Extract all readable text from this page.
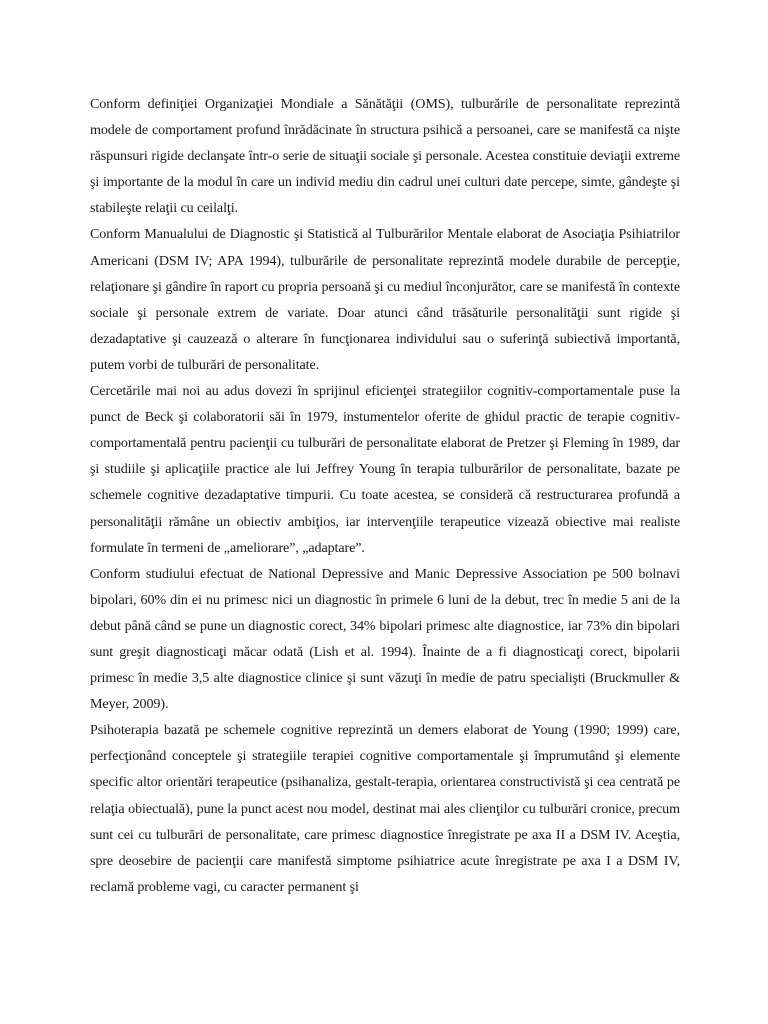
Conform definiţiei Organizaţiei Mondiale a Sănătăţii (OMS), tulburările de personalitate reprezintă modele de comportament profund înrădăcinate în structura psihică a persoanei, care se manifestă ca nişte răspunsuri rigide declanşate într-o serie de situaţii sociale şi personale. Acestea constituie deviaţii extreme şi importante de la modul în care un individ mediu din cadrul unei culturi date percepe, simte, gândeşte şi stabileşte relaţii cu ceilalţi.

Conform Manualului de Diagnostic şi Statistică al Tulburărilor Mentale elaborat de Asociaţia Psihiatrilor Americani (DSM IV; APA 1994), tulburările de personalitate reprezintă modele durabile de percepţie, relaţionare şi gândire în raport cu propria persoană şi cu mediul înconjurător, care se manifestă în contexte sociale şi personale extrem de variate. Doar atunci când trăsăturile personalităţii sunt rigide şi dezadaptative şi cauzează o alterare în funcţionarea individului sau o suferinţă subiectivă importantă, putem vorbi de tulburări de personalitate.

Cercetările mai noi au adus dovezi în sprijinul eficienţei strategiilor cognitiv-comportamentale puse la punct de Beck şi colaboratorii săi în 1979, instumentelor oferite de ghidul practic de terapie cognitiv-comportamentală pentru pacienţii cu tulburări de personalitate elaborat de Pretzer şi Fleming în 1989, dar şi studiile şi aplicaţiile practice ale lui Jeffrey Young în terapia tulburărilor de personalitate, bazate pe schemele cognitive dezadaptative timpurii. Cu toate acestea, se consideră că restructurarea profundă a personalităţii rămâne un obiectiv ambiţios, iar intervenţiile terapeutice vizează obiective mai realiste formulate în termeni de „ameliorare”, „adaptare”.

Conform studiului efectuat de National Depressive and Manic Depressive Association pe 500 bolnavi bipolari, 60% din ei nu primesc nici un diagnostic în primele 6 luni de la debut, trec în medie 5 ani de la debut până când se pune un diagnostic corect, 34% bipolari primesc alte diagnostice, iar 73% din bipolari sunt greşit diagnosticaţi măcar odată (Lish et al. 1994). Înainte de a fi diagnosticaţi corect, bipolarii primesc în medie 3,5 alte diagnostice clinice şi sunt văzuţi în medie de patru specialişti (Bruckmuller & Meyer, 2009).

Psihoterapia bazată pe schemele cognitive reprezintă un demers elaborat de Young (1990; 1999) care, perfecţionând conceptele şi strategiile terapiei cognitive comportamentale şi împrumutând şi elemente specific altor orientări terapeutice (psihanaliza, gestalt-terapia, orientarea constructivistă şi cea centrată pe relaţia obiectuală), pune la punct acest nou model, destinat mai ales clienţilor cu tulburări cronice, precum sunt cei cu tulburări de personalitate, care primesc diagnostice înregistrate pe axa II a DSM IV. Aceştia, spre deosebire de pacienţii care manifestă simptome psihiatrice acute înregistrate pe axa I a DSM IV, reclamă probleme vagi, cu caracter permanent şi
